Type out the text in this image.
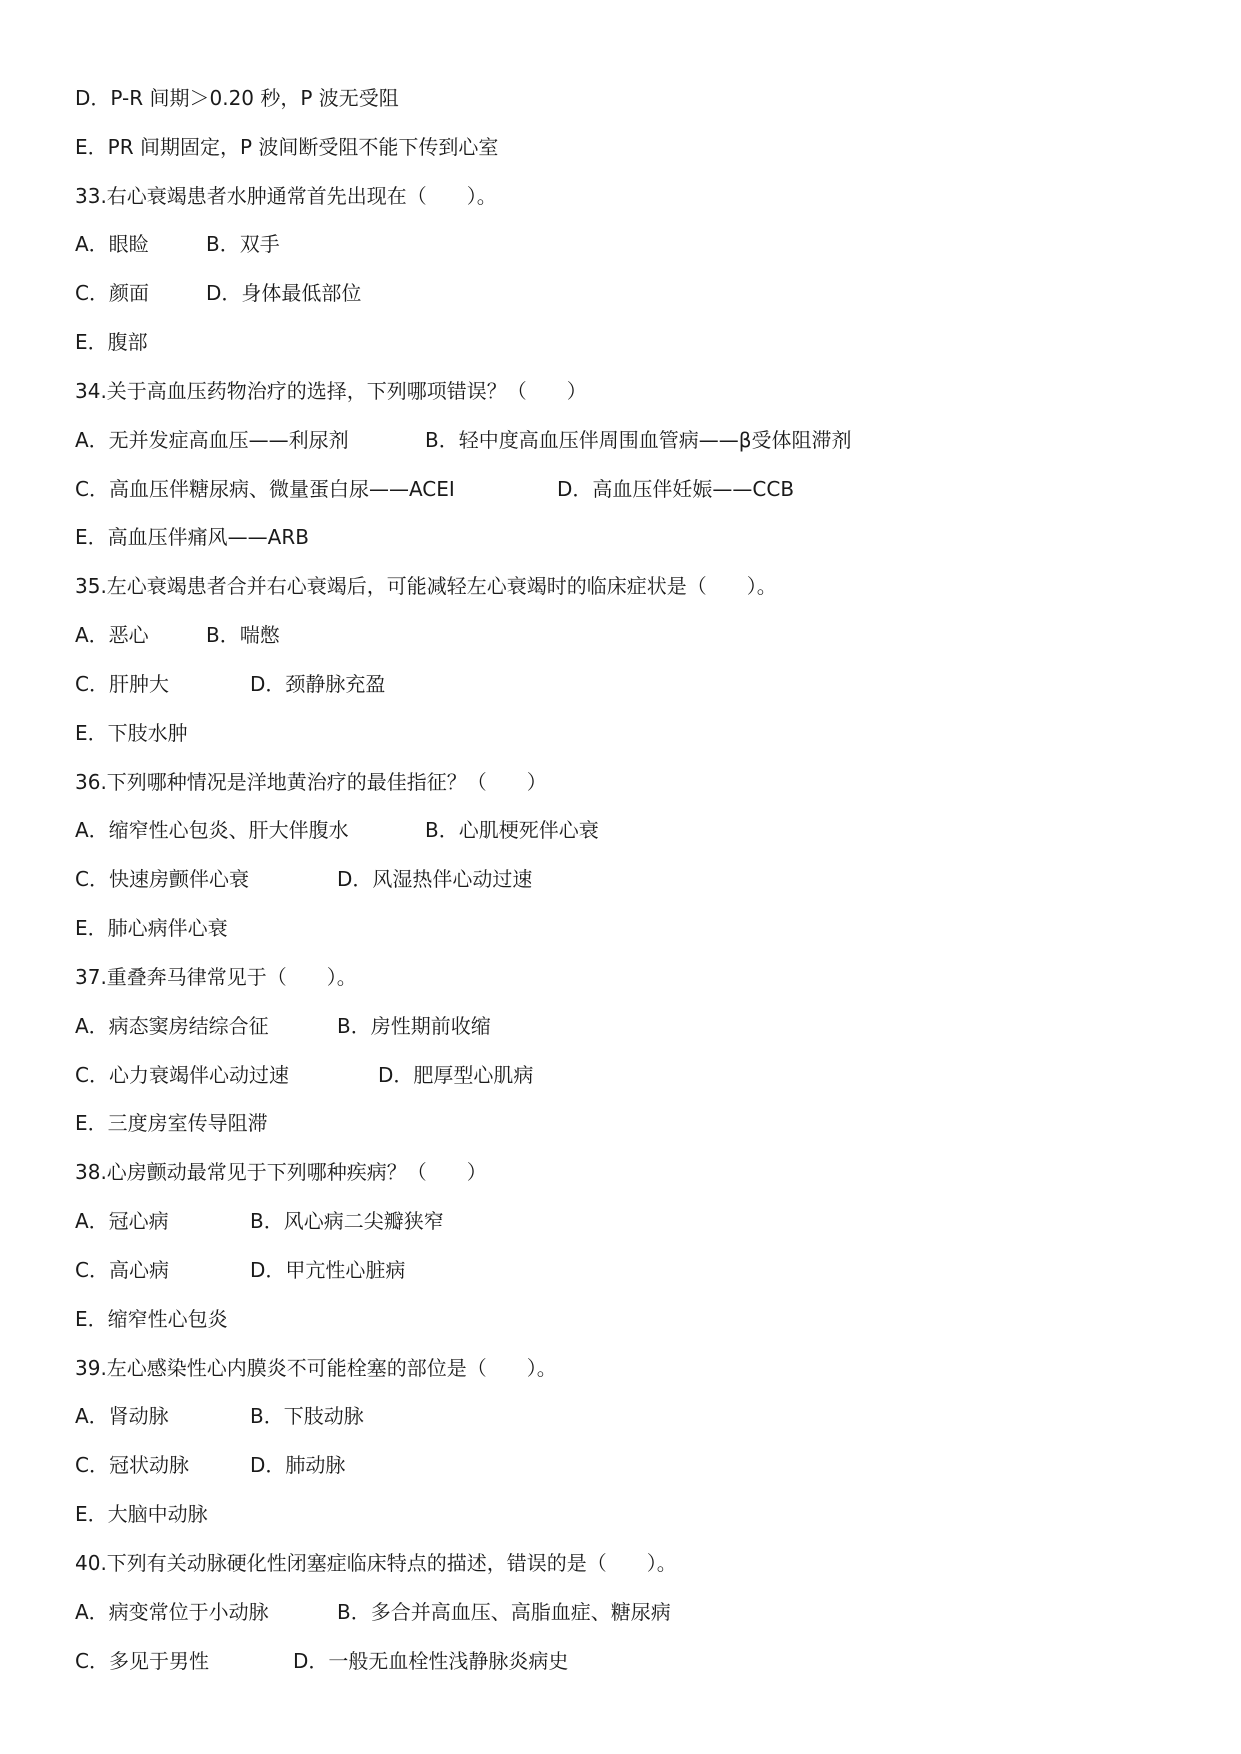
D．P-R 间期＞0.20 秒，P 波无受阻
E．PR 间期固定，P 波间断受阻不能下传到心室
33.右心衰竭患者水肿通常首先出现在（　　）。
A．眼睑	B．双手
C．颜面	D．身体最低部位
E．腹部
34.关于高血压药物治疗的选择，下列哪项错误？（　　）
A．无并发症高血压——利尿剂	B．轻中度高血压伴周围血管病——β受体阻滞剂
C．高血压伴糖尿病、微量蛋白尿——ACEI	D．高血压伴妊娠——CCB
E．高血压伴痛风——ARB
35.左心衰竭患者合并右心衰竭后，可能减轻左心衰竭时的临床症状是（　　）。
A．恶心	B．喘憋
C．肝肿大	D．颈静脉充盈
E．下肢水肿
36.下列哪种情况是洋地黄治疗的最佳指征？（　　）
A．缩窄性心包炎、肝大伴腹水	B．心肌梗死伴心衰
C．快速房颤伴心衰	D．风湿热伴心动过速
E．肺心病伴心衰
37.重叠奔马律常见于（　　）。
A．病态窦房结综合征	B．房性期前收缩
C．心力衰竭伴心动过速	D．肥厚型心肌病
E．三度房室传导阻滞
38.心房颤动最常见于下列哪种疾病？（　　）
A．冠心病	B．风心病二尖瓣狭窄
C．高心病	D．甲亢性心脏病
E．缩窄性心包炎
39.左心感染性心内膜炎不可能栓塞的部位是（　　）。
A．肾动脉	B．下肢动脉
C．冠状动脉	D．肺动脉
E．大脑中动脉
40.下列有关动脉硬化性闭塞症临床特点的描述，错误的是（　　）。
A．病变常位于小动脉	B．多合并高血压、高脂血症、糖尿病
C．多见于男性	D．一般无血栓性浅静脉炎病史
